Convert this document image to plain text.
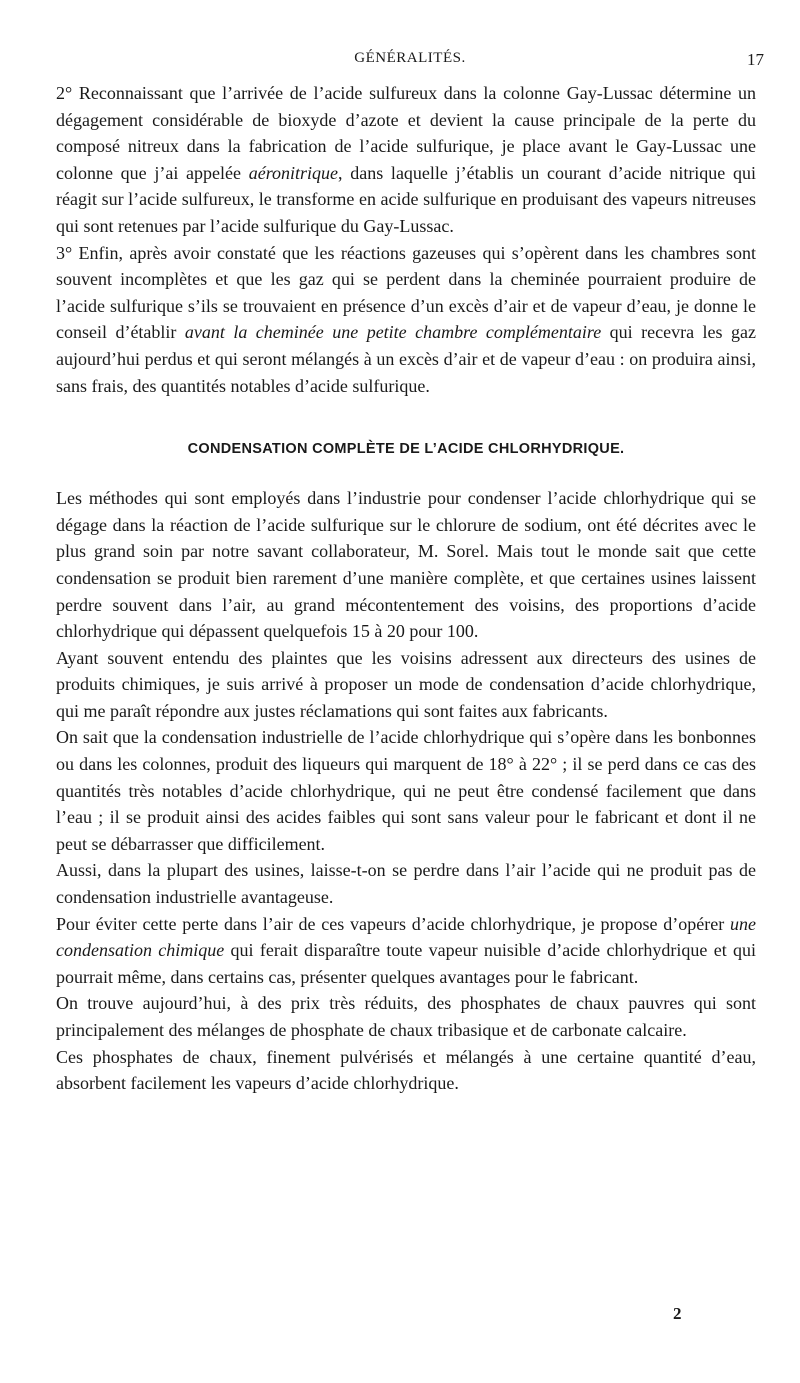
GÉNÉRALITÉS.	17

2° Reconnaissant que l’arrivée de l’acide sulfureux dans la colonne Gay-Lussac détermine un dégagement considérable de bioxyde d’azote et devient la cause principale de la perte du composé nitreux dans la fabrication de l’acide sulfurique, je place avant le Gay-Lussac une colonne que j’ai appelée aéronitrique, dans laquelle j’établis un courant d’acide nitrique qui réagit sur l’acide sulfureux, le transforme en acide sulfurique en produisant des vapeurs nitreuses qui sont retenues par l’acide sulfurique du Gay-Lussac.

3° Enfin, après avoir constaté que les réactions gazeuses qui s’opèrent dans les chambres sont souvent incomplètes et que les gaz qui se perdent dans la cheminée pourraient produire de l’acide sulfurique s’ils se trouvaient en présence d’un excès d’air et de vapeur d’eau, je donne le conseil d’établir avant la cheminée une petite chambre complémentaire qui recevra les gaz aujourd’hui perdus et qui seront mélangés à un excès d’air et de vapeur d’eau : on produira ainsi, sans frais, des quantités notables d’acide sulfurique.

CONDENSATION COMPLÈTE DE L’ACIDE CHLORHYDRIQUE.

Les méthodes qui sont employés dans l’industrie pour condenser l’acide chlorhydrique qui se dégage dans la réaction de l’acide sulfurique sur le chlorure de sodium, ont été décrites avec le plus grand soin par notre savant collaborateur, M. Sorel. Mais tout le monde sait que cette condensation se produit bien rarement d’une manière complète, et que certaines usines laissent perdre souvent dans l’air, au grand mécontentement des voisins, des proportions d’acide chlorhydrique qui dépassent quelquefois 15 à 20 pour 100.

Ayant souvent entendu des plaintes que les voisins adressent aux directeurs des usines de produits chimiques, je suis arrivé à proposer un mode de condensation d’acide chlorhydrique, qui me paraît répondre aux justes réclamations qui sont faites aux fabricants.

On sait que la condensation industrielle de l’acide chlorhydrique qui s’opère dans les bonbonnes ou dans les colonnes, produit des liqueurs qui marquent de 18° à 22° ; il se perd dans ce cas des quantités très notables d’acide chlorhydrique, qui ne peut être condensé facilement que dans l’eau ; il se produit ainsi des acides faibles qui sont sans valeur pour le fabricant et dont il ne peut se débarrasser que difficilement.

Aussi, dans la plupart des usines, laisse-t-on se perdre dans l’air l’acide qui ne produit pas de condensation industrielle avantageuse.

Pour éviter cette perte dans l’air de ces vapeurs d’acide chlorhydrique, je propose d’opérer une condensation chimique qui ferait disparaître toute vapeur nuisible d’acide chlorhydrique et qui pourrait même, dans certains cas, présenter quelques avantages pour le fabricant.

On trouve aujourd’hui, à des prix très réduits, des phosphates de chaux pauvres qui sont principalement des mélanges de phosphate de chaux tribasique et de carbonate calcaire.

Ces phosphates de chaux, finement pulvérisés et mélangés à une certaine quantité d’eau, absorbent facilement les vapeurs d’acide chlorhydrique.

2
